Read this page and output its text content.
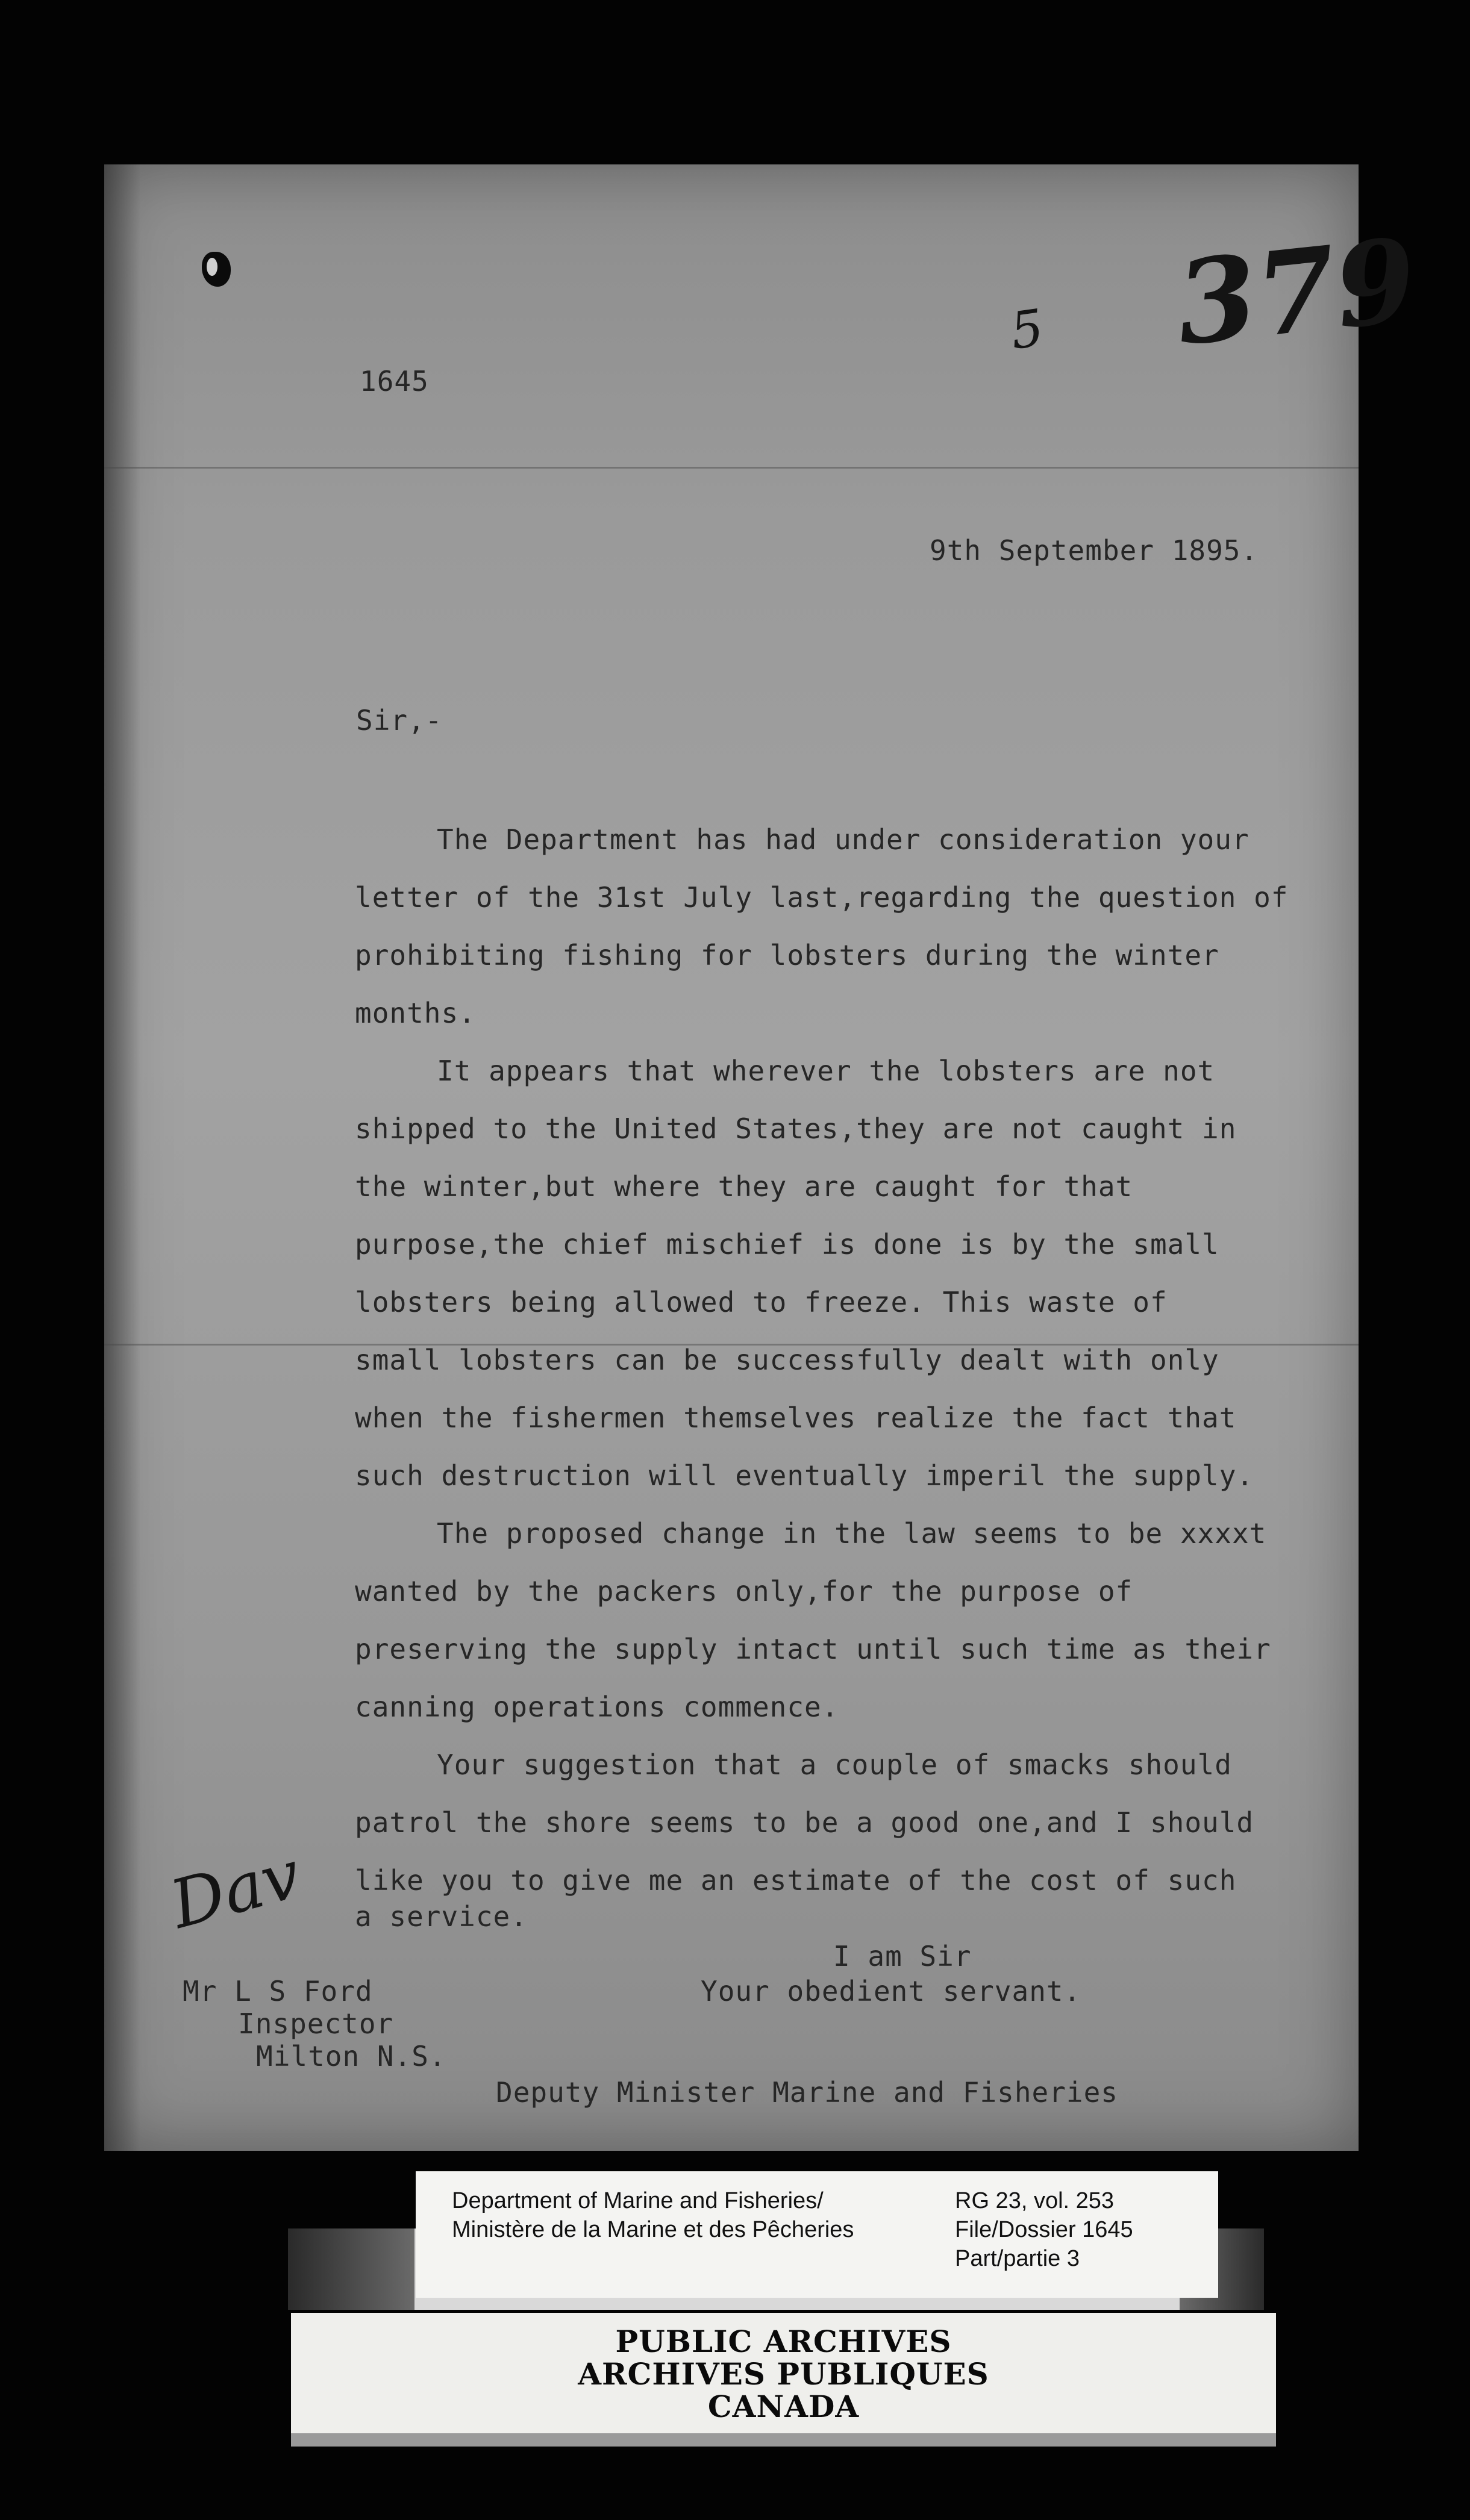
5 379
1645
9th September 1895.
Sir,-
The Department has had under consideration your
letter of the 31st July last,regarding the question of
prohibiting fishing for lobsters during the winter
months.
It appears that wherever the lobsters are not
shipped to the United States,they are not caught in
the winter,but where they are caught for that
purpose,the chief mischief is done is by the small
lobsters being allowed to freeze. This waste of
small lobsters can be successfully dealt with only
when the fishermen themselves realize the fact that
such destruction will eventually imperil the supply.
The proposed change in the law seems to be xxxxt
wanted by the packers only,for the purpose of
preserving the supply intact until such time as their
canning operations commence.
Your suggestion that a couple of smacks should
patrol the shore seems to be a good one,and I should
like you to give me an estimate of the cost of such
a service.
I am Sir
Your obedient servant.
Dav
Mr L S Ford
Inspector
Milton N.S.
Deputy Minister Marine and Fisheries
Department of Marine and Fisheries/
Ministère de la Marine et des Pêcheries
RG 23, vol. 253
File/Dossier 1645
Part/partie 3
PUBLIC ARCHIVES
ARCHIVES PUBLIQUES
CANADA
